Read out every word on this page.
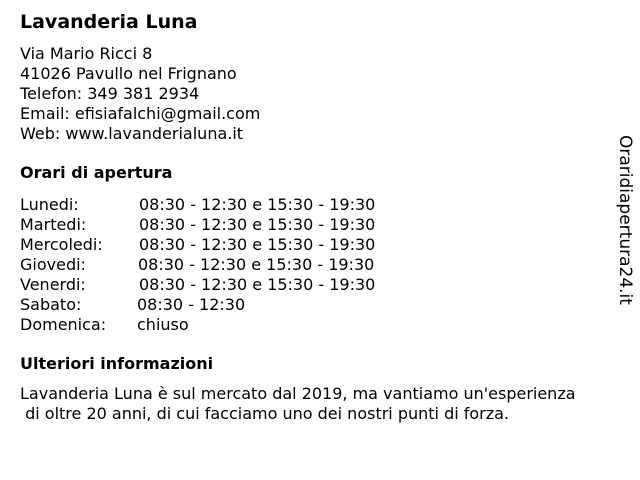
Lavanderia Luna
Via Mario Ricci 8
41026 Pavullo nel Frignano
Telefon: 349 381 2934
Email: efisiafalchi@gmail.com
Web: www.lavanderialuna.it
Orari di apertura
Lunedi:	08:30 - 12:30 e 15:30 - 19:30
Martedi:	08:30 - 12:30 e 15:30 - 19:30
Mercoledi: 08:30 - 12:30 e 15:30 - 19:30
Giovedi:	08:30 - 12:30 e 15:30 - 19:30
Venerdi:	08:30 - 12:30 e 15:30 - 19:30
Sabato:	08:30 - 12:30
Domenica: chiuso
Ulteriori informazioni
Lavanderia Luna è sul mercato dal 2019, ma vantiamo un'esperienza
di oltre 20 anni, di cui facciamo uno dei nostri punti di forza.
Oraridiapertura24.it
